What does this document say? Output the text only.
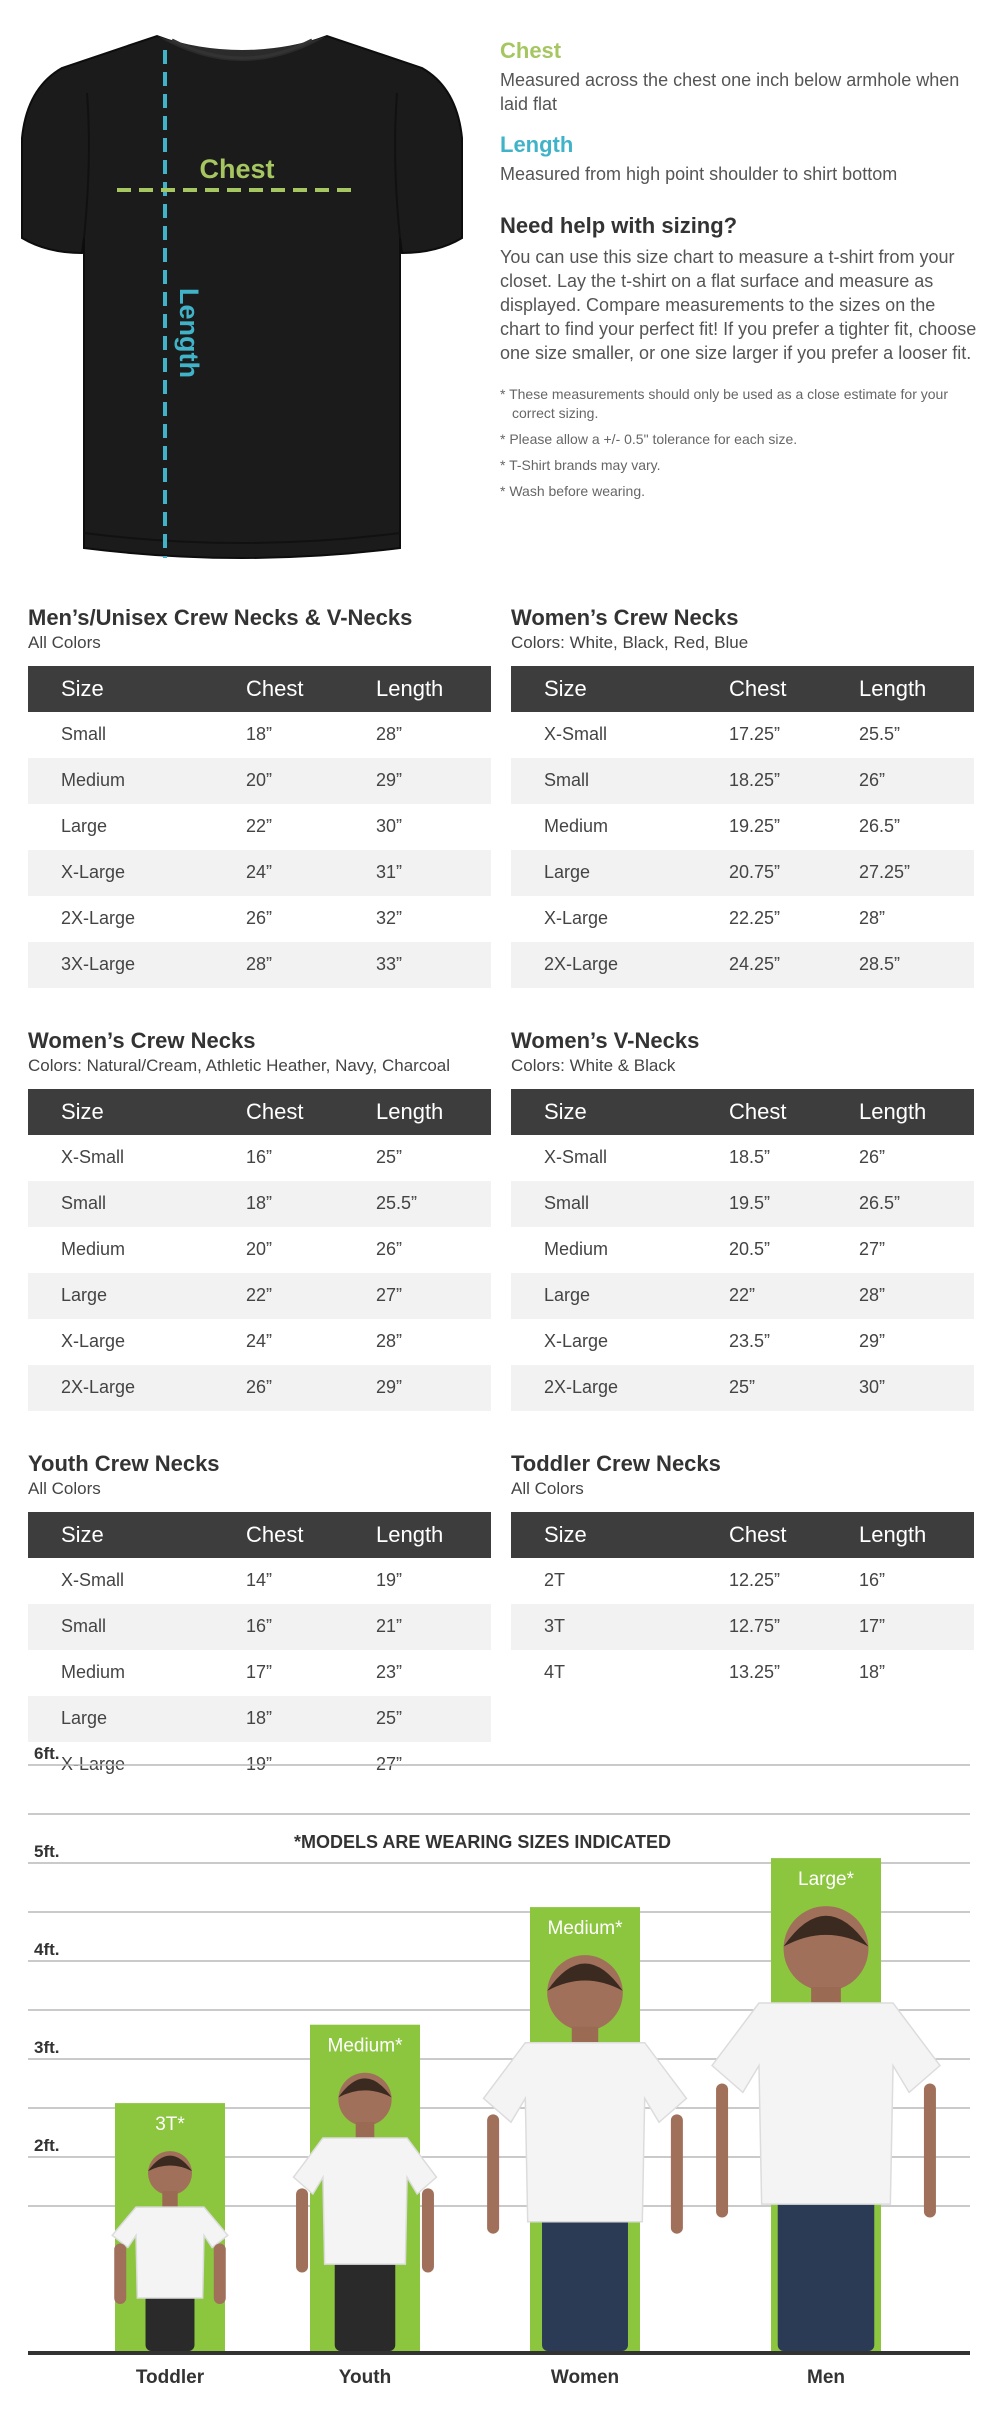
Chest
Length
Chest

Measured across the chest one inch below armhole when laid flat

Length

Measured from high point shoulder to shirt bottom

Need help with sizing?

You can use this size chart to measure a t-shirt from your closet. Lay the t-shirt on a flat surface and measure as displayed. Compare measurements to the sizes on the chart to find your perfect fit! If you prefer a tighter fit, choose one size smaller, or one size larger if you prefer a looser fit.

* These measurements should only be used as a close estimate for your correct sizing.
* Please allow a +/- 0.5" tolerance for each size.
* T-Shirt brands may vary.
* Wash before wearing.
Men’s/Unisex Crew Necks & V-Necks
All Colors
Size	Chest	Length
Small	18”	28”
Medium	20”	29”
Large	22”	30”
X-Large	24”	31”
2X-Large	26”	32”
3X-Large	28”	33”
Women’s Crew Necks
Colors: White, Black, Red, Blue
Size	Chest	Length
X-Small	17.25”	25.5”
Small	18.25”	26”
Medium	19.25”	26.5”
Large	20.75”	27.25”
X-Large	22.25”	28”
2X-Large	24.25”	28.5”
Women’s Crew Necks
Colors: Natural/Cream, Athletic Heather, Navy, Charcoal
Size	Chest	Length
X-Small	16”	25”
Small	18”	25.5”
Medium	20”	26”
Large	22”	27”
X-Large	24”	28”
2X-Large	26”	29”
Women’s V-Necks
Colors: White & Black
Size	Chest	Length
X-Small	18.5”	26”
Small	19.5”	26.5”
Medium	20.5”	27”
Large	22”	28”
X-Large	23.5”	29”
2X-Large	25”	30”
Youth Crew Necks
All Colors
Size	Chest	Length
X-Small	14”	19”
Small	16”	21”
Medium	17”	23”
Large	18”	25”
X-Large	19”	27”
Toddler Crew Necks
All Colors
Size	Chest	Length
2T	12.25”	16”
3T	12.75”	17”
4T	13.25”	18”
*MODELS ARE WEARING SIZES INDICATED
6ft.
5ft.
4ft.
3ft.
2ft.
3T*
Toddler
Medium*
Youth
Medium*
Women
Large*
Men
